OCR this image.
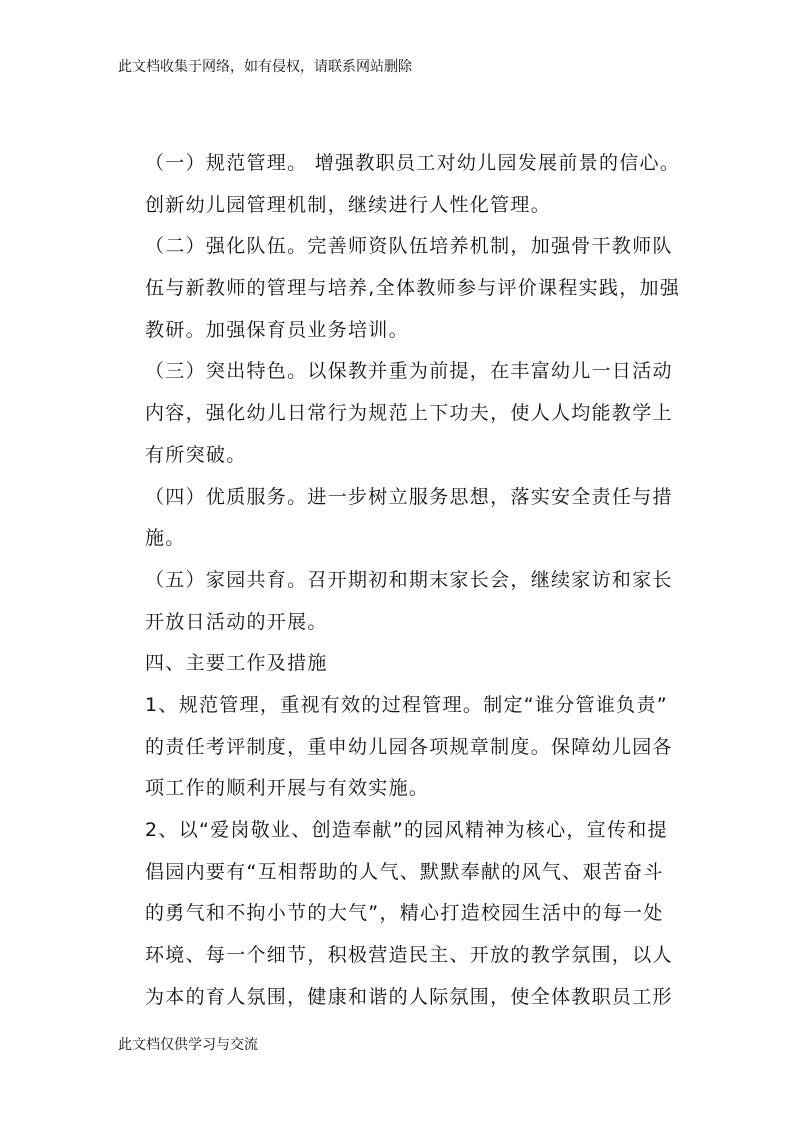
此文档收集于网络，如有侵权，请联系网站删除
（一）规范管理。 增强教职员工对幼儿园发展前景的信心。
创新幼儿园管理机制，继续进行人性化管理。
（二）强化队伍。完善师资队伍培养机制，加强骨干教师队
伍与新教师的管理与培养,全体教师参与评价课程实践，加强
教研。加强保育员业务培训。
（三）突出特色。以保教并重为前提，在丰富幼儿一日活动
内容，强化幼儿日常行为规范上下功夫，使人人均能教学上
有所突破。
（四）优质服务。进一步树立服务思想，落实安全责任与措
施。
（五）家园共育。召开期初和期末家长会，继续家访和家长
开放日活动的开展。
四、主要工作及措施
1、规范管理，重视有效的过程管理。制定“谁分管谁负责”
的责任考评制度，重申幼儿园各项规章制度。保障幼儿园各
项工作的顺利开展与有效实施。
2、以“爱岗敬业、创造奉献”的园风精神为核心，宣传和提
倡园内要有“互相帮助的人气、默默奉献的风气、艰苦奋斗
的勇气和不拘小节的大气”，精心打造校园生活中的每一处
环境、每一个细节，积极营造民主、开放的教学氛围，以人
为本的育人氛围，健康和谐的人际氛围，使全体教职员工形
此文档仅供学习与交流
